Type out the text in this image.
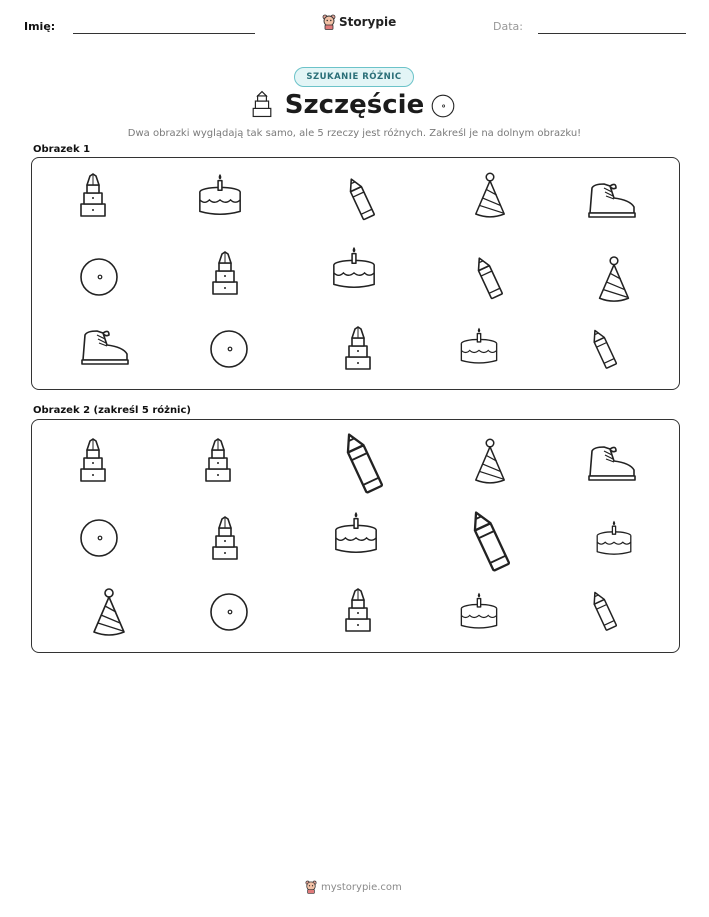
Imię:	Storypie	Data:
SZUKANIE RÓŻNIC
Szczęście
Dwa obrazki wyglądają tak samo, ale 5 rzeczy jest różnych. Zakreśl je na dolnym obrazku!
Obrazek 1
Obrazek 2 (zakreśl 5 różnic)
mystorypie.com
